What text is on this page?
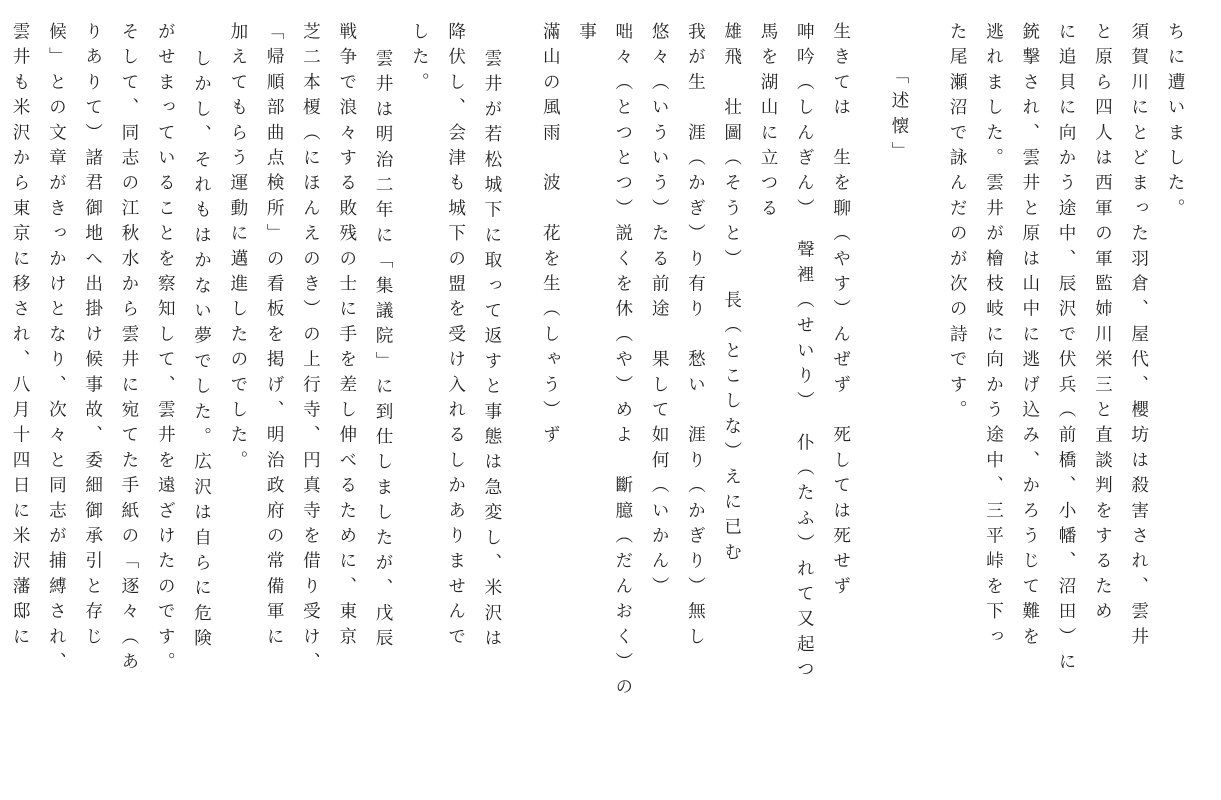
ちに遭いました。
須賀川にとどまった羽倉、屋代、櫻坊は殺害され、雲井
と原ら四人は西軍の軍監姉川栄三と直談判をするため
に追貝に向かう途中、辰沢で伏兵（前橋、小幡、沼田）に
銃撃され、雲井と原は山中に逃げ込み、かろうじて難を
逃れました。雲井が檜枝岐に向かう途中、三平峠を下っ
た尾瀬沼で詠んだのが次の詩です。
「述懐」
生きては　生を聊（やす）んぜず　死しては死せず
呻吟（しんぎん）　聲裡（せいり）　仆（たふ）れて又起つ
馬を湖山に立つる
雄飛　壮圖（そうと）　長（とこしな）えに已む
我が生　涯（かぎ）り有り　愁い　涯り（かぎり）無し
悠々（いういう）たる前途　果して如何（いかん）
咄々（とつとつ）説くを休（や）めよ　斷臆（だんおく）の
事
滿山の風雨　波　花を生（しゃう）ず
雲井が若松城下に取って返すと事態は急変し、米沢は
降伏し、会津も城下の盟を受け入れるしかありませんで
した。
雲井は明治二年に「集議院」に到仕しましたが、戊辰
戦争で浪々する敗残の士に手を差し伸べるために、東京
芝二本榎（にほんえのき）の上行寺、円真寺を借り受け、
「帰順部曲点検所」の看板を掲げ、明治政府の常備軍に
加えてもらう運動に邁進したのでした。
しかし、それもはかない夢でした。広沢は自らに危険
がせまっていることを察知して、雲井を遠ざけたのです。
そして、同志の江秋水から雲井に宛てた手紙の「逐々（あ
りありて）諸君御地へ出掛け候事故、委細御承引と存じ
候」との文章がきっかけとなり、次々と同志が捕縛され、
雲井も米沢から東京に移され、八月十四日に米沢藩邸に
